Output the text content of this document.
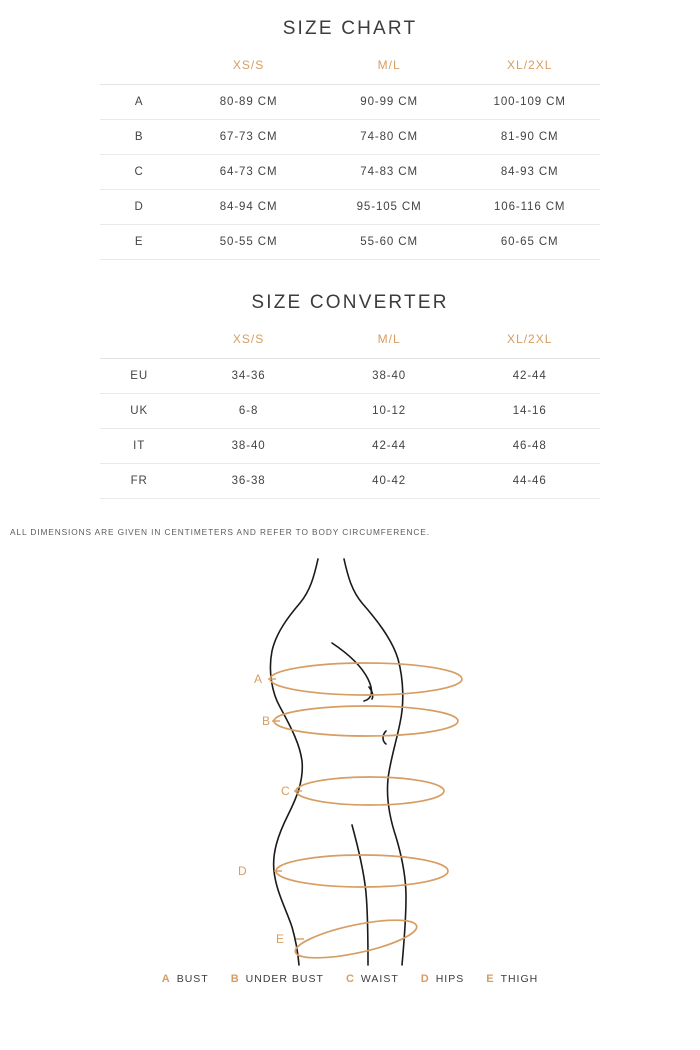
SIZE CHART
	XS/S	M/L	XL/2XL
A	80-89 CM	90-99 CM	100-109 CM
B	67-73 CM	74-80 CM	81-90 CM
C	64-73 CM	74-83 CM	84-93 CM
D	84-94 CM	95-105 CM	106-116 CM
E	50-55 CM	55-60 CM	60-65 CM
SIZE CONVERTER
	XS/S	M/L	XL/2XL
EU	34-36	38-40	42-44
UK	6-8	10-12	14-16
IT	38-40	42-44	46-48
FR	36-38	40-42	44-46

ALL DIMENSIONS ARE GIVEN IN CENTIMETERS AND REFER TO BODY CIRCUMFERENCE.

A
B
C
D
E
A BUST B UNDER BUST C WAIST D HIPS E THIGH
